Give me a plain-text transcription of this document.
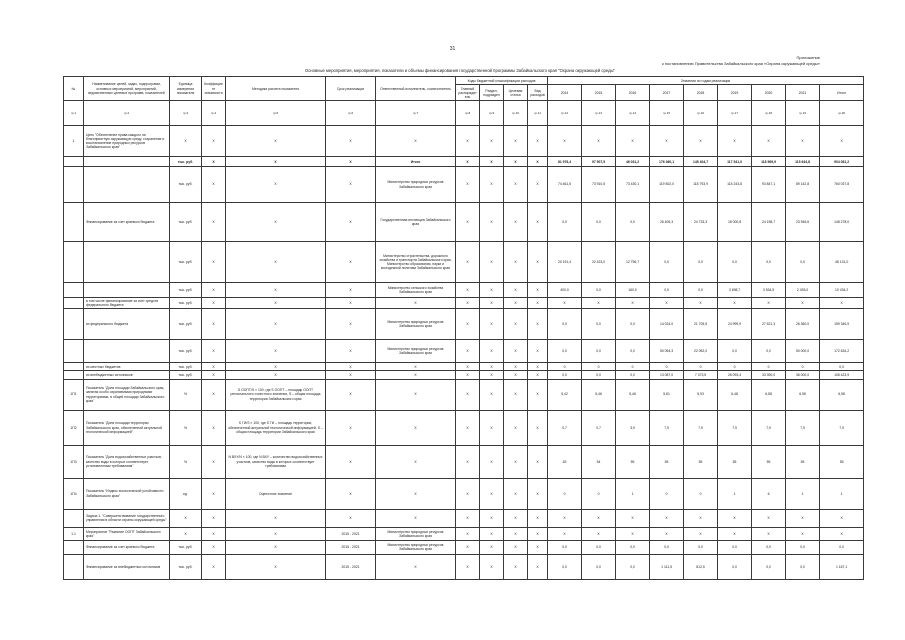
31
Приложение
к постановлению Правительства Забайкальского края «Охрана окружающей среды»
Основные мероприятия, мероприятия, показатели и объемы финансирования государственной программы Забайкальского края "Охрана окружающей среды"
№	Наименование целей, задач, подпрограмм, основных мероприятий, мероприятий, ведомственных целевых программ, показателей	Единица измерения показателя	Коэффициент значимости	Методика расчета показателя	Срок реализации	Ответственный исполнитель, соисполнитель	Коды бюджетной классификации расходов				Значения по годам реализации									
							Главный распорядитель	Раздел, подраздел	Целевая статья	Вид расходов	2014	2015	2016	2017	2018	2019	2020	2021	Итого	
гр.1	гр.2	гр.3	гр.4	гр.5	гр.6	гр.7	гр.8	гр.9	гр.10	гр.11	гр.12	гр.13	гр.14	гр.15	гр.16	гр.17	гр.18	гр.19	гр.20	
1	Цель "Обеспечение права каждого на благоприятную окружающую среду, сохранение и восстановление природных ресурсов Забайкальского края"	Х	Х	Х	Х	Х	Х	Х	Х	Х	Х	Х	Х	Х	Х	Х	Х	Х	Х	
		тыс. руб.	Х	Х	Х	Итого	Х	Х	Х	Х	81 976,4	97 507,5	46 031,2	176 460,1	145 404,7	117 541,0	118 569,9	115 644,8	904 081,2	
		тыс. руб.	Х	Х	Х	Министерство природных ресурсов Забайкальского края	Х	Х	Х	Х	74 461,5	73 910,5	73 430,1	119 502,0	118 793,9	115 243,8	93 847,1	89 142,8	760 037,8	
	Финансирование за счет краевого бюджета	тыс. руб.	Х	Х	Х	Государственная инспекция Забайкальского края	Х	Х	Х	Х	0,0	0,0	0,0	26 405,3	24 733,3	18 000,8	24 198,7	23 946,6	148 278,0	
		тыс. руб.	Х	Х	Х	Министерство строительства, дорожного хозяйства и транспорта Забайкальского края, Министерство образования, науки и молодежной политики Забайкальского края	Х	Х	Х	Х	20 191,4	22 423,0	12 796,7	0,0	0,0	0,0	0,0	0,0	48 131,0	
		тыс. руб.	Х	Х	Х	Министерство сельского хозяйства Забайкальского края	Х	Х	Х	Х	400,0	0,0	160,0	0,0	0,0	3 698,7	3 534,5	2 493,0	10 434,2	
	в том числе финансирование за счет средств федерального бюджета	тыс. руб.	Х	Х	Х	Х	Х	Х	Х	Х	Х	Х	Х	Х	Х	Х	Х	Х	Х	
	из федерального бюджета	тыс. руб.	Х	Х	Х	Министерство природных ресурсов Забайкальского края	Х	Х	Х	Х	0,0	0,0	0,0	14 024,0	21 705,5	24 999,9	27 621,3	26 360,0	159 346,9	
		тыс. руб.	Х	Х	Х	Министерство природных ресурсов Забайкальского края	Х	Х	Х	Х	0,0	0,0	0,0	50 054,3	22 052,0	0,0	0,0	50 000,0	172 634,2	
	из местных бюджетов	тыс. руб.	Х	Х	Х	Х	Х	Х	Х	Х	0	0	0	0	0	0	0	0	0,0	
	из внебюджетных источников	тыс. руб.	Х	Х	Х	Х	Х	Х	Х	Х	0,0	0,0	0,0	13 087,0	7 373,5	26 093,4	33 390,0	36 000,0	106 423,9	
1П1	Показатель "Доля площади Забайкальского края, занятая особо охраняемыми природными территориями, в общей площади Забайкальского края"	%	Х	S ООПТ/S × 100, где S ООПТ – площадь ООПТ регионального и местного значения, S – общая площадь территории Забайкальского края	Х	Х	Х	Х	Х	Х	5,42	5,46	5,46	5,81	5,93	6,48	6,58	6,58	6,58	
1П2	Показатель "Доля площади территории Забайкальского края, обеспеченной актуальной геологической информацией"	%	Х	S ГИ/S × 100, где S ГИ – площадь территории, обеспеченной актуальной геологической информацией, S – общая площадь территории Забайкальского края	Х	Х	Х	Х	Х	Х	0,7	0,7	3,9	7,9	7,9	7,9	7,9	7,9	7,9	
1П3	Показатель "Доля водохозяйственных участков, качество воды в которых соответствует установленным требованиям"	%	Х	N ВХУ/N × 100, где N ВХУ – количество водохозяйственных участков, качество воды в которых соответствует требованиям	Х	Х	Х	Х	Х	Х	63	54	55	55	55	55	55	55	55	
1П4	Показатель "Индекс экологической устойчивости Забайкальского края"	ед.	Х	Оценочное значение	Х	Х	Х	Х	Х	Х	0	0	1	0	0	1	6	1	1	
	Задача 1. "Совершенствование государственного управления в области охраны окружающей среды"	Х	Х	Х	Х	Х	Х	Х	Х	Х	Х	Х	Х	Х	Х	Х	Х	Х	Х	
1.1	Мероприятие "Развитие ООПТ Забайкальского края"	Х	Х	Х	2015 - 2021	Министерство природных ресурсов Забайкальского края	Х	Х	Х	Х	Х	Х	Х	Х	Х	Х	Х	Х	Х	
	Финансирование за счет краевого бюджета	тыс. руб.	Х	Х	2015 - 2021	Министерство природных ресурсов Забайкальского края	Х	Х	Х	Х	0,0	0,0	0,0	0,0	0,0	0,0	0,0	0,0	0,0	
	Финансирование из внебюджетных источников	тыс. руб.	Х	Х	2015 - 2021	Х	Х	Х	Х	Х	0,0	0,0	0,0	1 111,5	812,5	0,0	0,0	0,0	1 167,1	
